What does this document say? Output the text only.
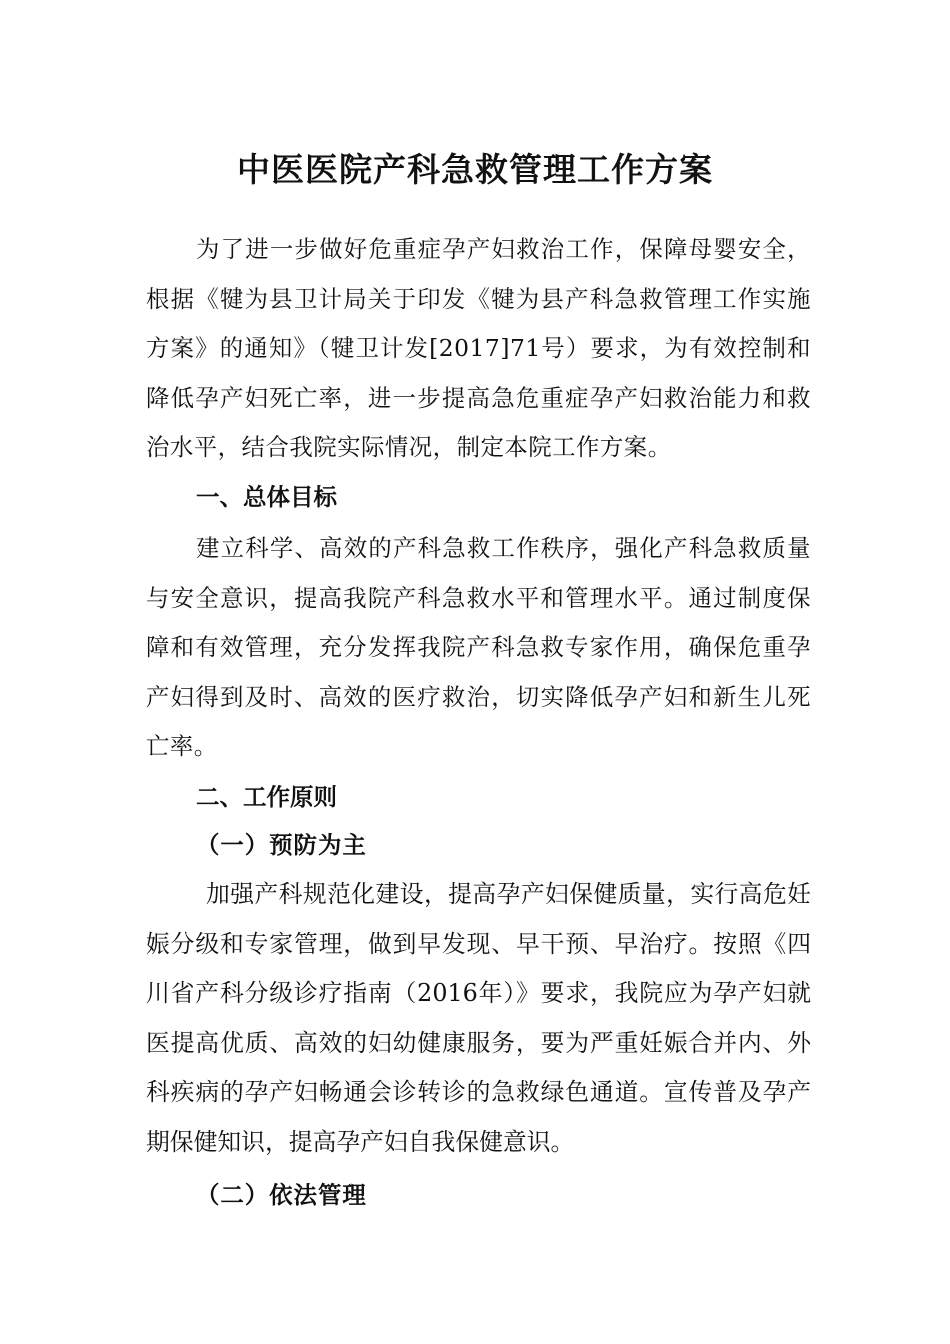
中医医院产科急救管理工作方案

为了进一步做好危重症孕产妇救治工作，保障母婴安全，根据《犍为县卫计局关于印发《犍为县产科急救管理工作实施方案》的通知》（犍卫计发[2017]71号）要求，为有效控制和降低孕产妇死亡率，进一步提高急危重症孕产妇救治能力和救治水平，结合我院实际情况，制定本院工作方案。

一、总体目标

建立科学、高效的产科急救工作秩序，强化产科急救质量与安全意识，提高我院产科急救水平和管理水平。通过制度保障和有效管理，充分发挥我院产科急救专家作用，确保危重孕产妇得到及时、高效的医疗救治，切实降低孕产妇和新生儿死亡率。

二、工作原则
（一）预防为主

加强产科规范化建设，提高孕产妇保健质量，实行高危妊娠分级和专家管理，做到早发现、早干预、早治疗。按照《四川省产科分级诊疗指南（2016年）》要求，我院应为孕产妇就医提高优质、高效的妇幼健康服务，要为严重妊娠合并内、外科疾病的孕产妇畅通会诊转诊的急救绿色通道。宣传普及孕产期保健知识，提高孕产妇自我保健意识。

（二）依法管理
